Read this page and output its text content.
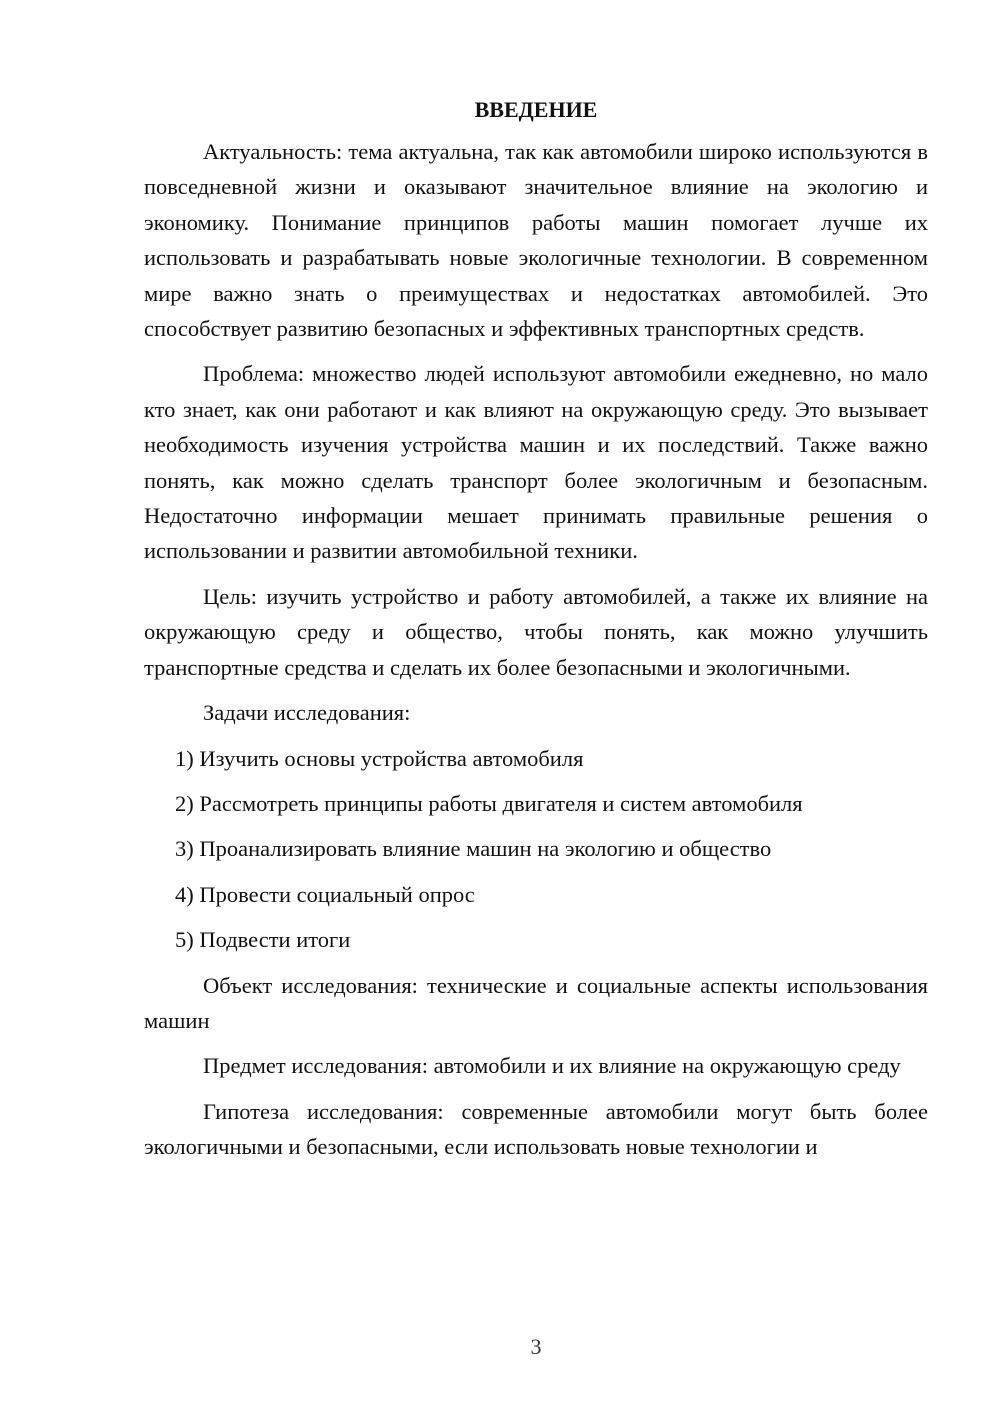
ВВЕДЕНИЕ

Актуальность: тема актуальна, так как автомобили широко используются в повседневной жизни и оказывают значительное влияние на экологию и экономику. Понимание принципов работы машин помогает лучше их использовать и разрабатывать новые экологичные технологии. В современном мире важно знать о преимуществах и недостатках автомобилей. Это способствует развитию безопасных и эффективных транспортных средств.

Проблема: множество людей используют автомобили ежедневно, но мало кто знает, как они работают и как влияют на окружающую среду. Это вызывает необходимость изучения устройства машин и их последствий. Также важно понять, как можно сделать транспорт более экологичным и безопасным. Недостаточно информации мешает принимать правильные решения о использовании и развитии автомобильной техники.

Цель: изучить устройство и работу автомобилей, а также их влияние на окружающую среду и общество, чтобы понять, как можно улучшить транспортные средства и сделать их более безопасными и экологичными.

Задачи исследования:

1) Изучить основы устройства автомобиля

2) Рассмотреть принципы работы двигателя и систем автомобиля

3) Проанализировать влияние машин на экологию и общество

4) Провести социальный опрос

5) Подвести итоги

Объект исследования: технические и социальные аспекты использования машин

Предмет исследования: автомобили и их влияние на окружающую среду

Гипотеза исследования: современные автомобили могут быть более экологичными и безопасными, если использовать новые технологии и

3
